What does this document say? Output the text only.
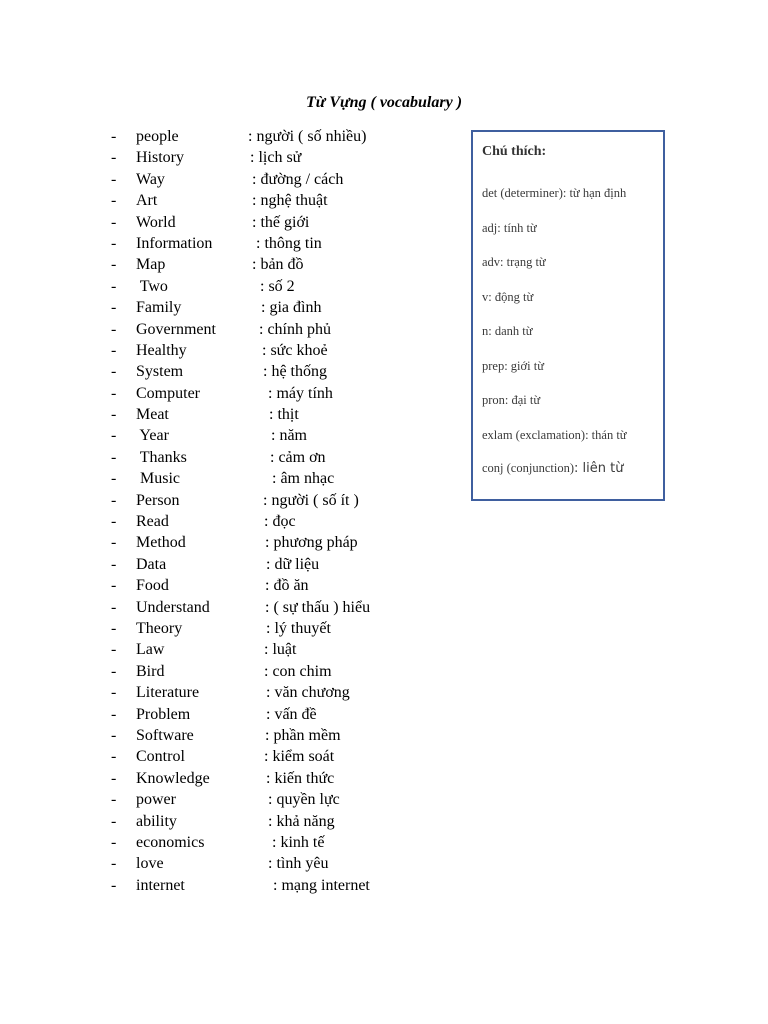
Từ Vựng ( vocabulary )
- people	: người ( số nhiều)
- History	: lịch sử
- Way	: đường / cách
- Art	: nghệ thuật
- World	: thế giới
- Information	: thông tin
- Map	: bản đồ
- Two	: số 2
- Family	: gia đình
- Government	: chính phủ
- Healthy	: sức khoẻ
- System	: hệ thống
- Computer	: máy tính
- Meat	: thịt
- Year	: năm
- Thanks	: cảm ơn
- Music	: âm nhạc
- Person	: người ( số ít )
- Read	: đọc
- Method	: phương pháp
- Data	: dữ liệu
- Food	: đồ ăn
- Understand	: ( sự thấu ) hiểu
- Theory	: lý thuyết
- Law	: luật
- Bird	: con chim
- Literature	: văn chương
- Problem	: vấn đề
- Software	: phần mềm
- Control	: kiểm soát
- Knowledge	: kiến thức
- power	: quyền lực
- ability	: khả năng
- economics	: kinh tế
- love	: tình yêu
- internet	: mạng internet
Chú thích:
det (determiner): từ hạn định
adj: tính từ
adv: trạng từ
v: động từ
n: danh từ
prep: giới từ
pron: đại từ
exlam (exclamation): thán từ
conj (conjunction): liên từ
